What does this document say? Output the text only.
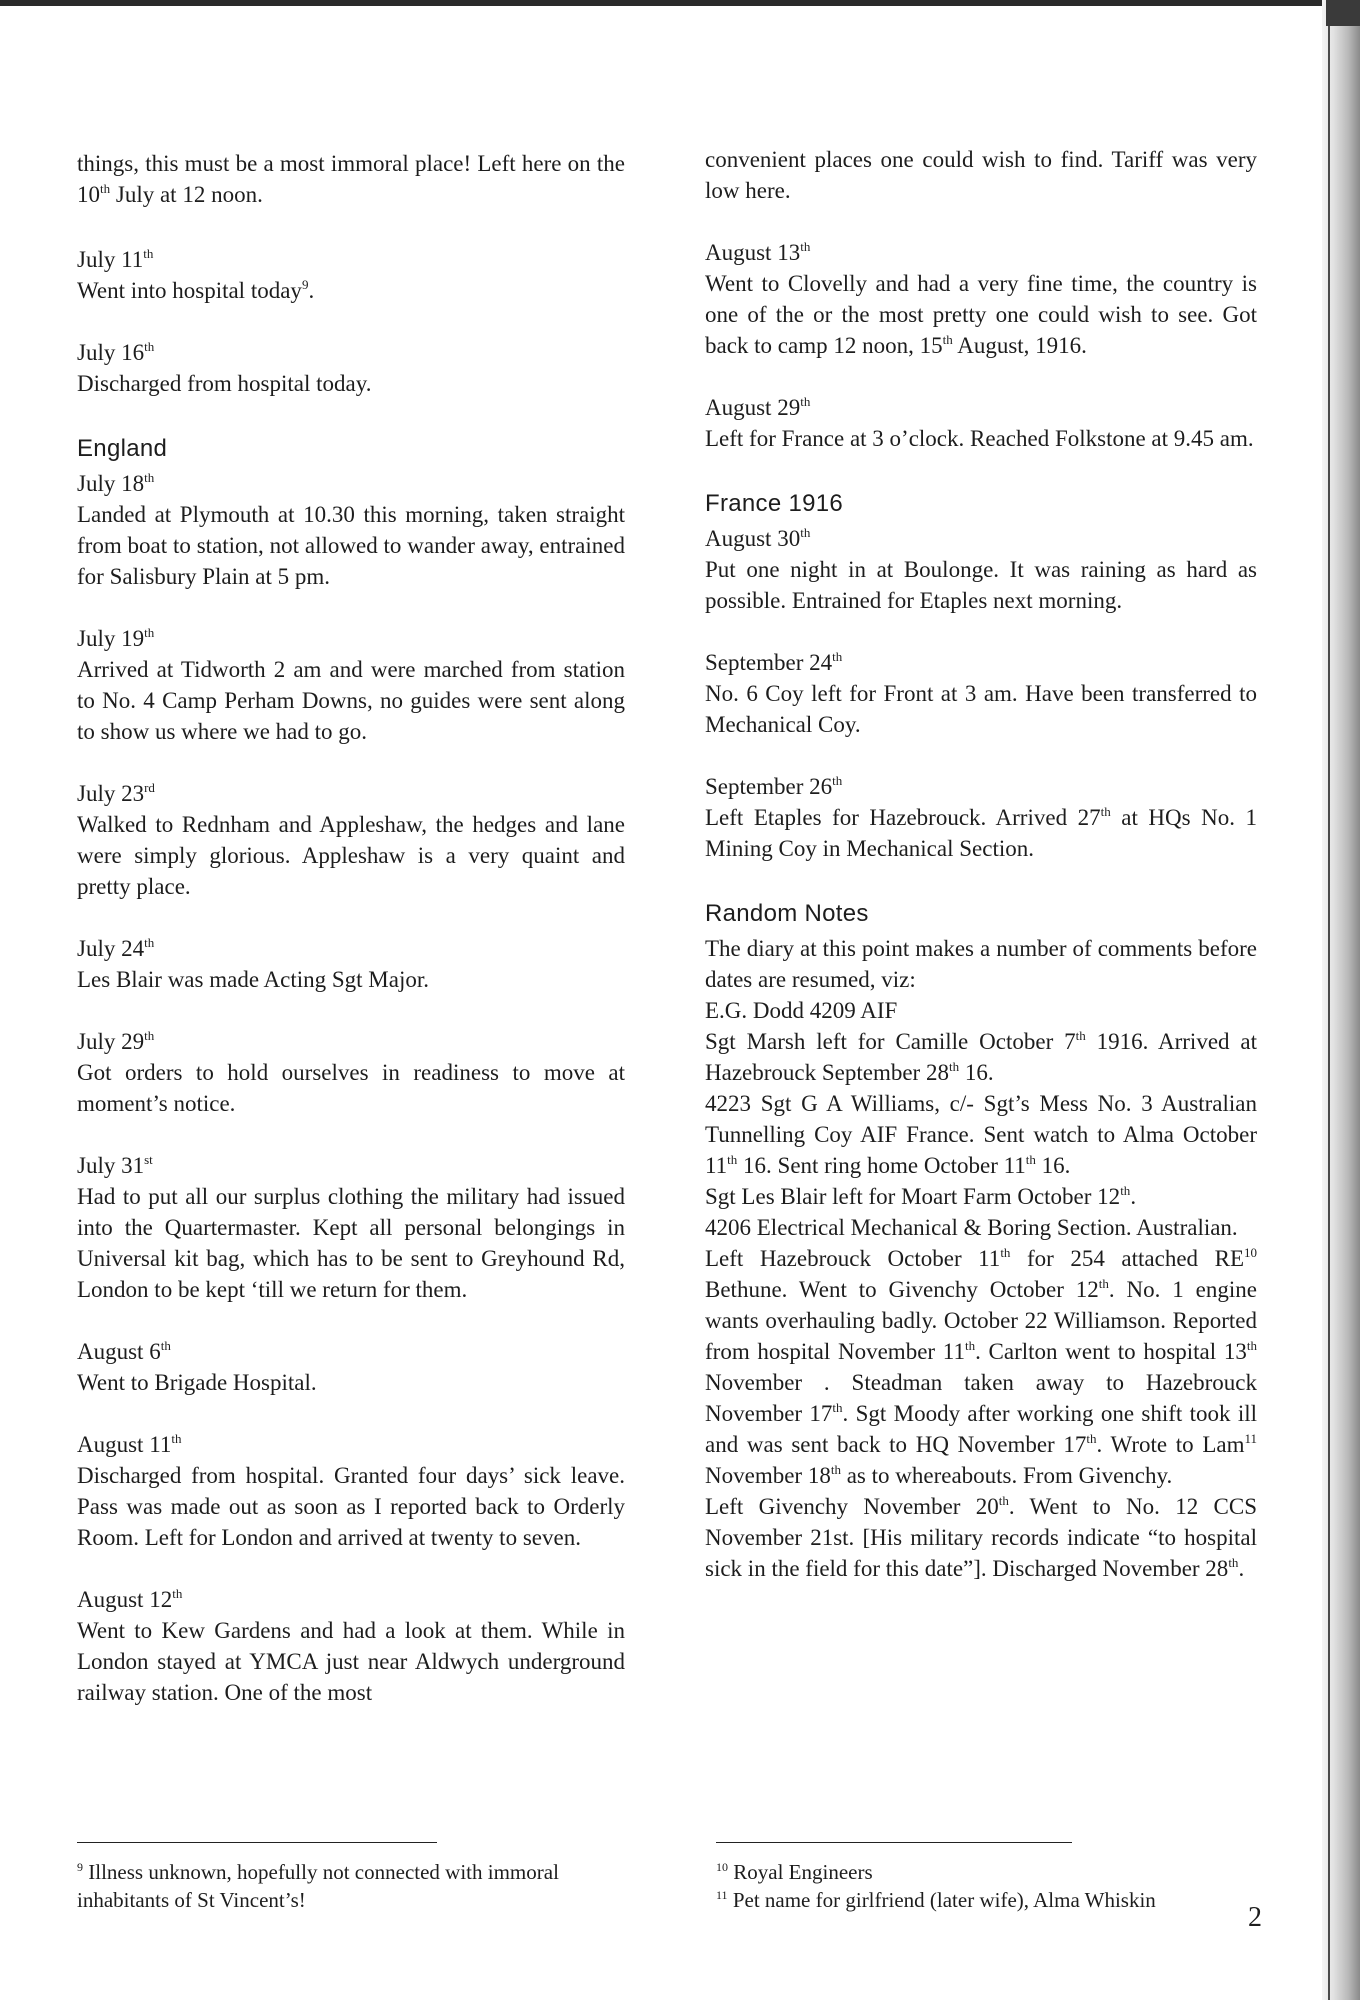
things, this must be a most immoral place! Left here on the 10th July at 12 noon.

July 11th
Went into hospital today$^9$.

July 16th
Discharged from hospital today.

England

July 18th
Landed at Plymouth at 10.30 this morning, taken straight from boat to station, not allowed to wander away, entrained for Salisbury Plain at 5 pm.

July 19th
Arrived at Tidworth 2 am and were marched from station to No. 4 Camp Perham Downs, no guides were sent along to show us where we had to go.

July 23rd
Walked to Rednham and Appleshaw, the hedges and lane were simply glorious. Appleshaw is a very quaint and pretty place.

July 24th
Les Blair was made Acting Sgt Major.

July 29th
Got orders to hold ourselves in readiness to move at moment’s notice.

July 31st
Had to put all our surplus clothing the military had issued into the Quartermaster. Kept all personal belongings in Universal kit bag, which has to be sent to Greyhound Rd, London to be kept ‘till we return for them.

August 6th
Went to Brigade Hospital.

August 11th
Discharged from hospital. Granted four days’ sick leave. Pass was made out as soon as I reported back to Orderly Room. Left for London and arrived at twenty to seven.

August 12th
Went to Kew Gardens and had a look at them. While in London stayed at YMCA just near Aldwych underground railway station. One of the most

convenient places one could wish to find. Tariff was very low here.

August 13th
Went to Clovelly and had a very fine time, the country is one of the or the most pretty one could wish to see. Got back to camp 12 noon, 15th August, 1916.

August 29th
Left for France at 3 o’clock. Reached Folkstone at 9.45 am.

France 1916

August 30th
Put one night in at Boulonge. It was raining as hard as possible. Entrained for Etaples next morning.

September 24th
No. 6 Coy left for Front at 3 am. Have been transferred to Mechanical Coy.

September 26th
Left Etaples for Hazebrouck. Arrived 27th at HQs No. 1 Mining Coy in Mechanical Section.

Random Notes
The diary at this point makes a number of comments before dates are resumed, viz:
E.G. Dodd 4209 AIF
Sgt Marsh left for Camille October 7th 1916. Arrived at Hazebrouck September 28th 16.
4223 Sgt G A Williams, c/- Sgt’s Mess No. 3 Australian Tunnelling Coy AIF France. Sent watch to Alma October 11th 16. Sent ring home October 11th 16.
Sgt Les Blair left for Moart Farm October 12th.
4206 Electrical Mechanical & Boring Section. Australian.
Left Hazebrouck October 11th for 254 attached RE$^{10}$ Bethune. Went to Givenchy October 12th. No. 1 engine wants overhauling badly. October 22 Williamson. Reported from hospital November 11th. Carlton went to hospital 13th November . Steadman taken away to Hazebrouck November 17th. Sgt Moody after working one shift took ill and was sent back to HQ November 17th. Wrote to Lam$^{11}$ November 18th as to whereabouts. From Givenchy.
Left Givenchy November 20th. Went to No. 12 CCS November 21st. [His military records indicate “to hospital sick in the field for this date”]. Discharged November 28th.
$^9$ Illness unknown, hopefully not connected with immoral inhabitants of St Vincent’s!
$^{10}$ Royal Engineers
$^{11}$ Pet name for girlfriend (later wife), Alma Whiskin
2
